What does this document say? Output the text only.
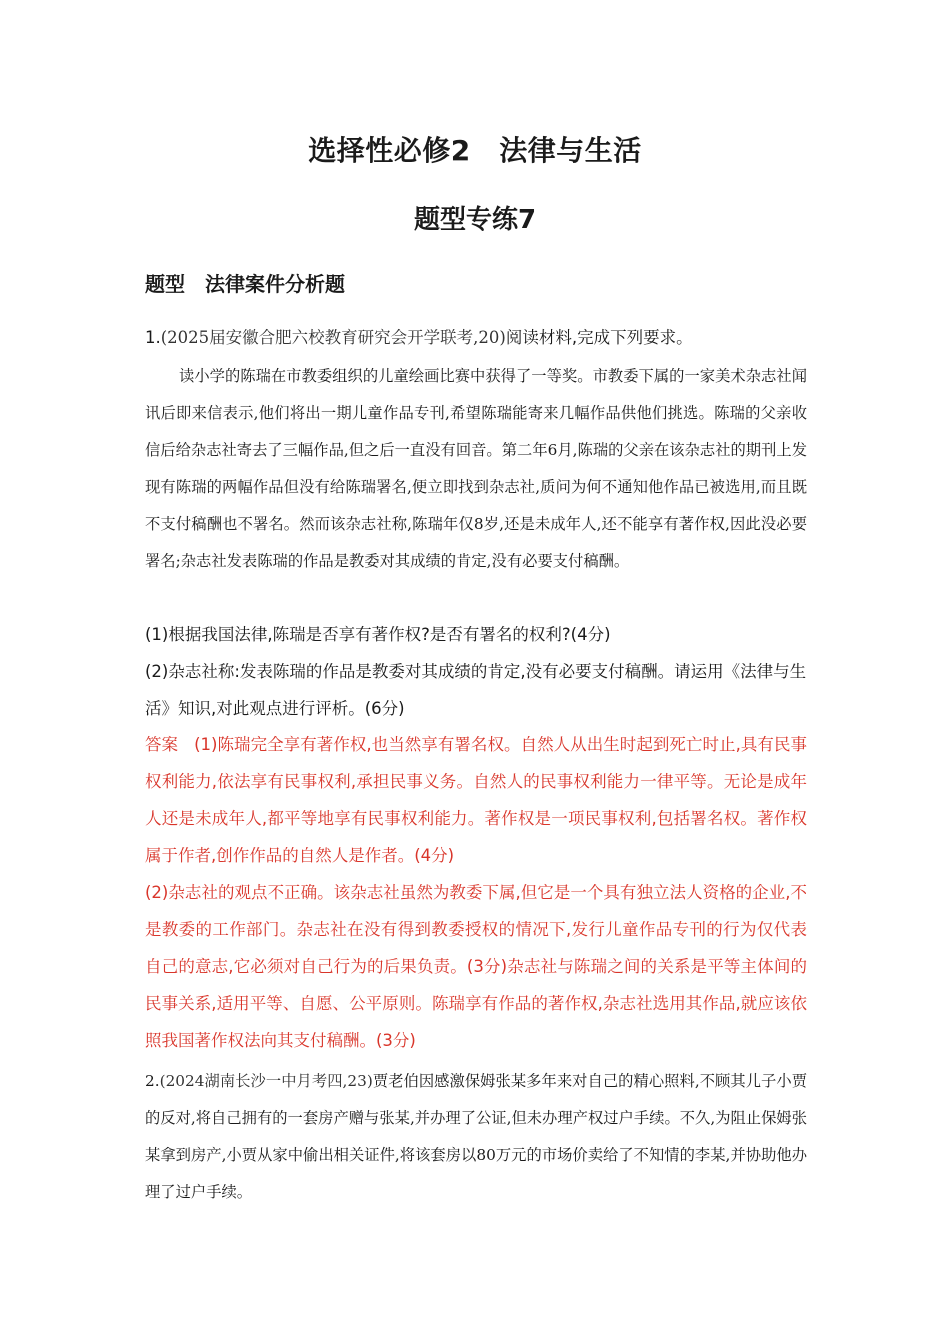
选择性必修2　法律与生活
题型专练7
题型　法律案件分析题

1.(2025届安徽合肥六校教育研究会开学联考,20)阅读材料,完成下列要求。

读小学的陈瑞在市教委组织的儿童绘画比赛中获得了一等奖。市教委下属的一家美术杂志社闻讯后即来信表示,他们将出一期儿童作品专刊,希望陈瑞能寄来几幅作品供他们挑选。陈瑞的父亲收信后给杂志社寄去了三幅作品,但之后一直没有回音。第二年6月,陈瑞的父亲在该杂志社的期刊上发现有陈瑞的两幅作品但没有给陈瑞署名,便立即找到杂志社,质问为何不通知他作品已被选用,而且既不支付稿酬也不署名。然而该杂志社称,陈瑞年仅8岁,还是未成年人,还不能享有著作权,因此没必要署名;杂志社发表陈瑞的作品是教委对其成绩的肯定,没有必要支付稿酬。

(1)根据我国法律,陈瑞是否享有著作权?是否有署名的权利?(4分)

(2)杂志社称:发表陈瑞的作品是教委对其成绩的肯定,没有必要支付稿酬。请运用《法律与生活》知识,对此观点进行评析。(6分)

答案 (1)陈瑞完全享有著作权,也当然享有署名权。自然人从出生时起到死亡时止,具有民事权利能力,依法享有民事权利,承担民事义务。自然人的民事权利能力一律平等。无论是成年人还是未成年人,都平等地享有民事权利能力。著作权是一项民事权利,包括署名权。著作权属于作者,创作作品的自然人是作者。(4分)

(2)杂志社的观点不正确。该杂志社虽然为教委下属,但它是一个具有独立法人资格的企业,不是教委的工作部门。杂志社在没有得到教委授权的情况下,发行儿童作品专刊的行为仅代表自己的意志,它必须对自己行为的后果负责。(3分)杂志社与陈瑞之间的关系是平等主体间的民事关系,适用平等、自愿、公平原则。陈瑞享有作品的著作权,杂志社选用其作品,就应该依照我国著作权法向其支付稿酬。(3分)

2.(2024湖南长沙一中月考四,23)贾老伯因感激保姆张某多年来对自己的精心照料,不顾其儿子小贾的反对,将自己拥有的一套房产赠与张某,并办理了公证,但未办理产权过户手续。不久,为阻止保姆张某拿到房产,小贾从家中偷出相关证件,将该套房以80万元的市场价卖给了不知情的李某,并协助他办理了过户手续。
